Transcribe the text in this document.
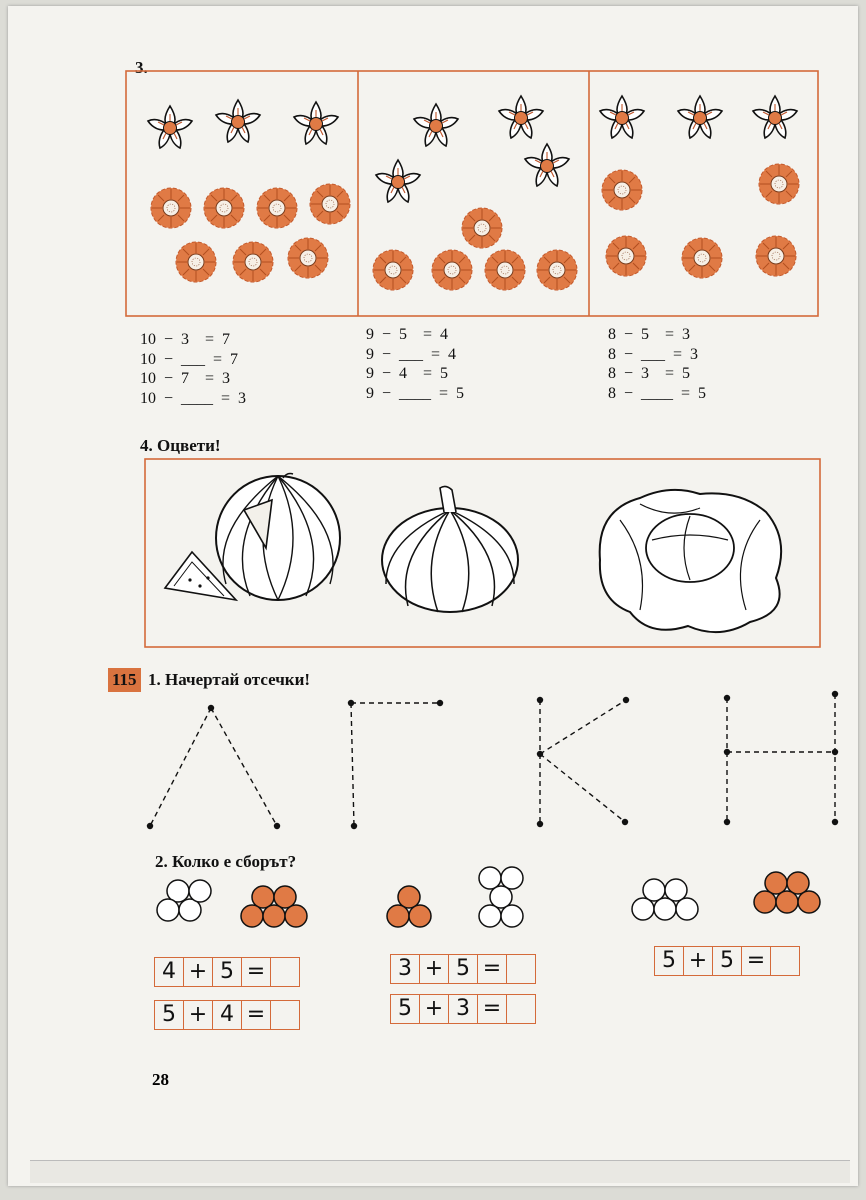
3.
10  −  3    =  7
10  −  ___  =  7
10  −  7    =  3
10  −  ____  =  3
9  −  5    =  4
9  −  ___  =  4
9  −  4    =  5
9  −  ____  =  5
8  −  5    =  3
8  −  ___  =  3
8  −  3    =  5
8  −  ____  =  5
4. Оцвети!
115 1. Начертай отсечки!
2. Колко е сборът?
4 + 5 =
5 + 4 =
3 + 5 =
5 + 3 =
5 + 5 =
28
